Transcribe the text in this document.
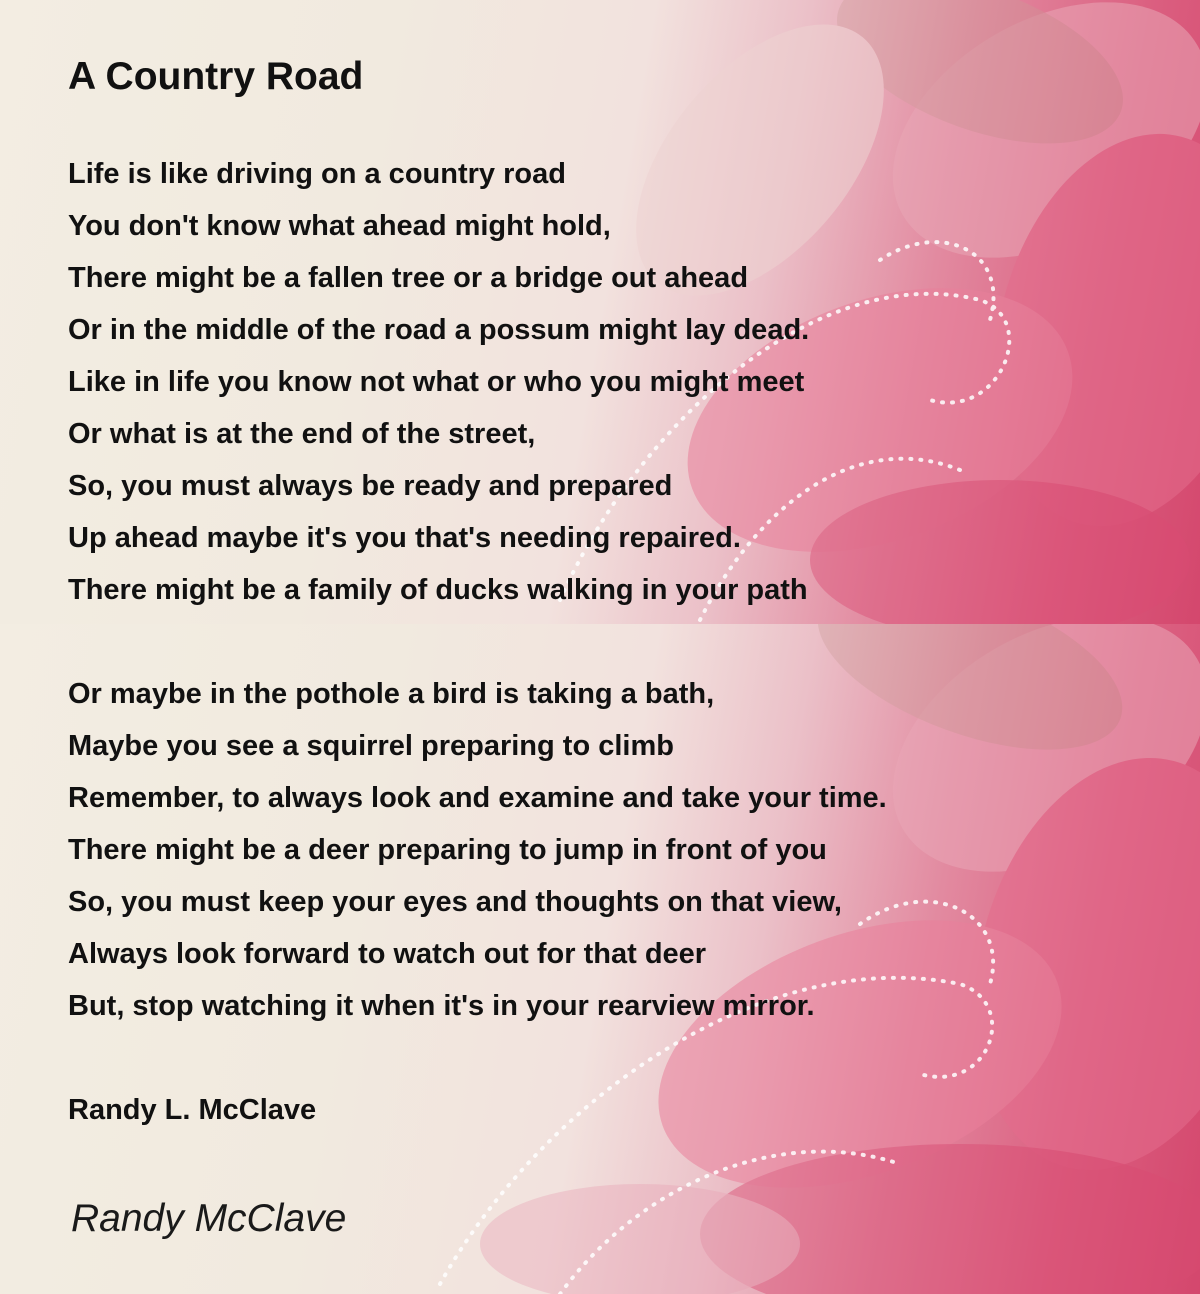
A Country Road

Life is like driving on a country road

You don't know what ahead might hold,

There might be a fallen tree or a bridge out ahead

Or in the middle of the road a possum might lay dead.

Like in life you know not what or who you might meet

Or what is at the end of the street,

So, you must always be ready and prepared

Up ahead maybe it's you that's needing repaired.

There might be a family of ducks walking in your path

Or maybe in the pothole a bird is taking a bath,

Maybe you see a squirrel preparing to climb

Remember, to always look and examine and take your time.

There might be a deer preparing to jump in front of you

So, you must keep your eyes and thoughts on that view,

Always look forward to watch out for that deer

But, stop watching it when it's in your rearview mirror.

Randy L. McClave

Randy McClave
